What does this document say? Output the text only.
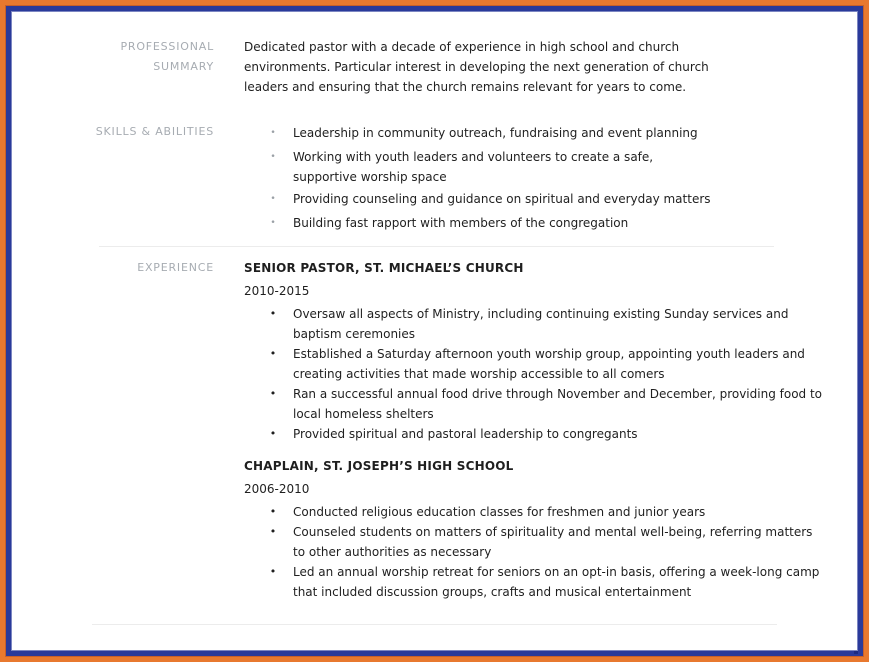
PROFESSIONAL
SUMMARY
Dedicated pastor with a decade of experience in high school and church
environments. Particular interest in developing the next generation of church
leaders and ensuring that the church remains relevant for years to come.
SKILLS & ABILITIES	• Leadership in community outreach, fundraising and event planning
• Working with youth leaders and volunteers to create a safe,
supportive worship space
• Providing counseling and guidance on spiritual and everyday matters
• Building fast rapport with members of the congregation
EXPERIENCE	SENIOR PASTOR, ST. MICHAEL’S CHURCH
2010-2015
• Oversaw all aspects of Ministry, including continuing existing Sunday services and
baptism ceremonies
• Established a Saturday afternoon youth worship group, appointing youth leaders and
creating activities that made worship accessible to all comers
• Ran a successful annual food drive through November and December, providing food to
local homeless shelters
• Provided spiritual and pastoral leadership to congregants
CHAPLAIN, ST. JOSEPH’S HIGH SCHOOL
2006-2010
• Conducted religious education classes for freshmen and junior years
• Counseled students on matters of spirituality and mental well-being, referring matters
to other authorities as necessary
• Led an annual worship retreat for seniors on an opt-in basis, offering a week-long camp
that included discussion groups, crafts and musical entertainment
